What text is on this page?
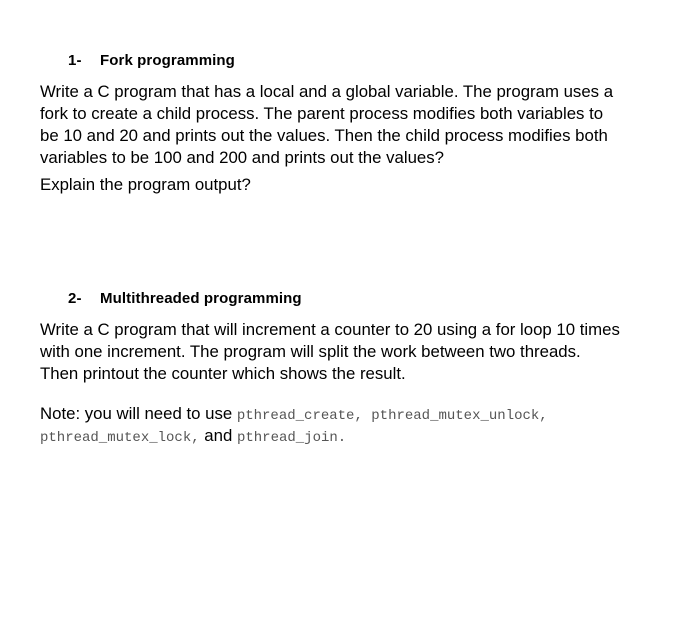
1- Fork programming
Write a C program that has a local and a global variable. The program uses a
fork to create a child process. The parent process modifies both variables to
be 10 and 20 and prints out the values. Then the child process modifies both
variables to be 100 and 200 and prints out the values?
Explain the program output?
2- Multithreaded programming
Write a C program that will increment a counter to 20 using a for loop 10 times
with one increment. The program will split the work between two threads.
Then printout the counter which shows the result.
Note: you will need to use pthread_create, pthread_mutex_unlock,
pthread_mutex_lock, and pthread_join.
